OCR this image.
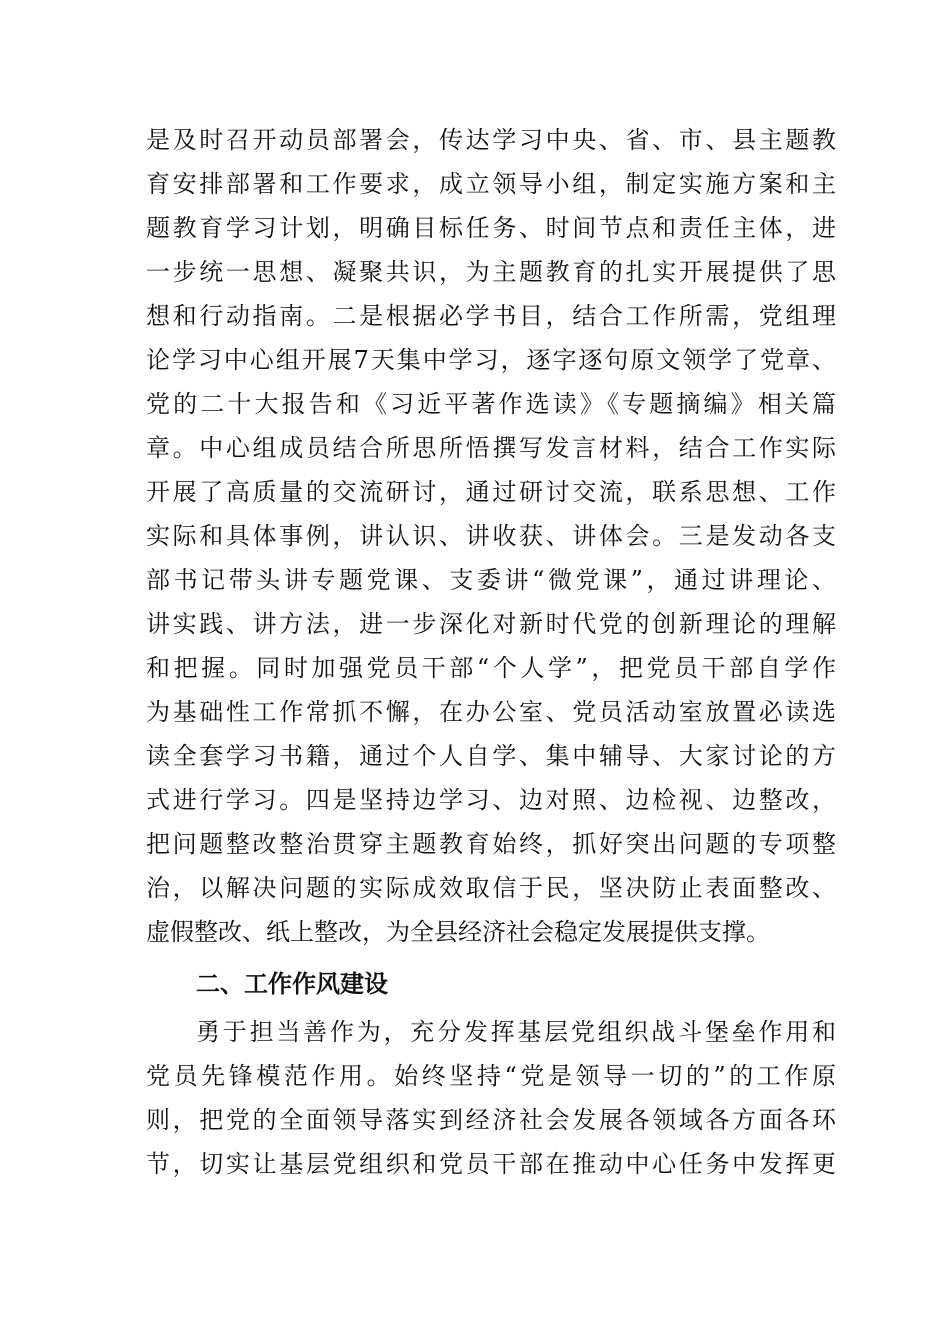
是及时召开动员部署会，传达学习中央、省、市、县主题教
育安排部署和工作要求，成立领导小组，制定实施方案和主
题教育学习计划，明确目标任务、时间节点和责任主体，进
一步统一思想、凝聚共识，为主题教育的扎实开展提供了思
想和行动指南。二是根据必学书目，结合工作所需，党组理
论学习中心组开展7天集中学习，逐字逐句原文领学了党章、
党的二十大报告和《习近平著作选读》《专题摘编》相关篇
章。中心组成员结合所思所悟撰写发言材料，结合工作实际
开展了高质量的交流研讨，通过研讨交流，联系思想、工作
实际和具体事例，讲认识、讲收获、讲体会。三是发动各支
部书记带头讲专题党课、支委讲“微党课”，通过讲理论、
讲实践、讲方法，进一步深化对新时代党的创新理论的理解
和把握。同时加强党员干部“个人学”，把党员干部自学作
为基础性工作常抓不懈，在办公室、党员活动室放置必读选
读全套学习书籍，通过个人自学、集中辅导、大家讨论的方
式进行学习。四是坚持边学习、边对照、边检视、边整改，
把问题整改整治贯穿主题教育始终，抓好突出问题的专项整
治，以解决问题的实际成效取信于民，坚决防止表面整改、
虚假整改、纸上整改，为全县经济社会稳定发展提供支撑。
二、工作作风建设
勇于担当善作为，充分发挥基层党组织战斗堡垒作用和
党员先锋模范作用。始终坚持“党是领导一切的”的工作原
则，把党的全面领导落实到经济社会发展各领域各方面各环
节，切实让基层党组织和党员干部在推动中心任务中发挥更
